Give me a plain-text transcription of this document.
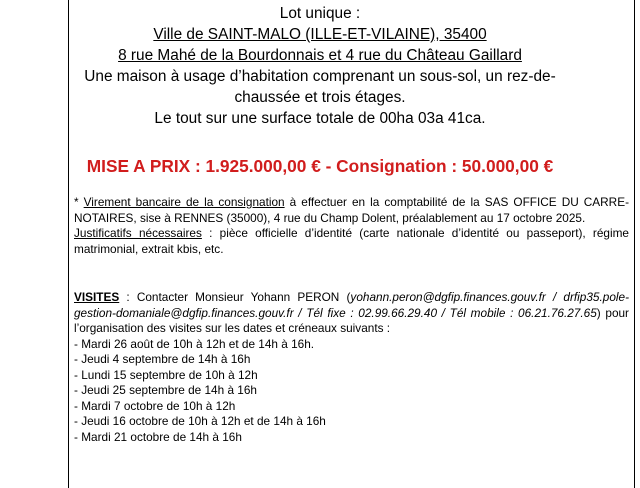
Lot unique :
Ville de SAINT-MALO (ILLE-ET-VILAINE), 35400
8 rue Mahé de la Bourdonnais et 4 rue du Château Gaillard
Une maison à usage d’habitation comprenant un sous-sol, un rez-de-
chaussée et trois étages.
Le tout sur une surface totale de 00ha 03a 41ca.
MISE A PRIX : 1.925.000,00 € - Consignation : 50.000,00 €
* Virement bancaire de la consignation à effectuer en la comptabilité de la SAS OFFICE DU CARRE-NOTAIRES, sise à RENNES (35000), 4 rue du Champ Dolent, préalablement au 17 octobre 2025.
Justificatifs nécessaires : pièce officielle d’identité (carte nationale d’identité ou passeport), régime matrimonial, extrait kbis, etc.
VISITES : Contacter Monsieur Yohann PERON (yohann.peron@dgfip.finances.gouv.fr / drfip35.pole-gestion-domaniale@dgfip.finances.gouv.fr / Tél fixe : 02.99.66.29.40 / Tél mobile : 06.21.76.27.65) pour l’organisation des visites sur les dates et créneaux suivants :
- Mardi 26 août de 10h à 12h et de 14h à 16h.
- Jeudi 4 septembre de 14h à 16h
- Lundi 15 septembre de 10h à 12h
- Jeudi 25 septembre de 14h à 16h
- Mardi 7 octobre de 10h à 12h
- Jeudi 16 octobre de 10h à 12h et de 14h à 16h
- Mardi 21 octobre de 14h à 16h
